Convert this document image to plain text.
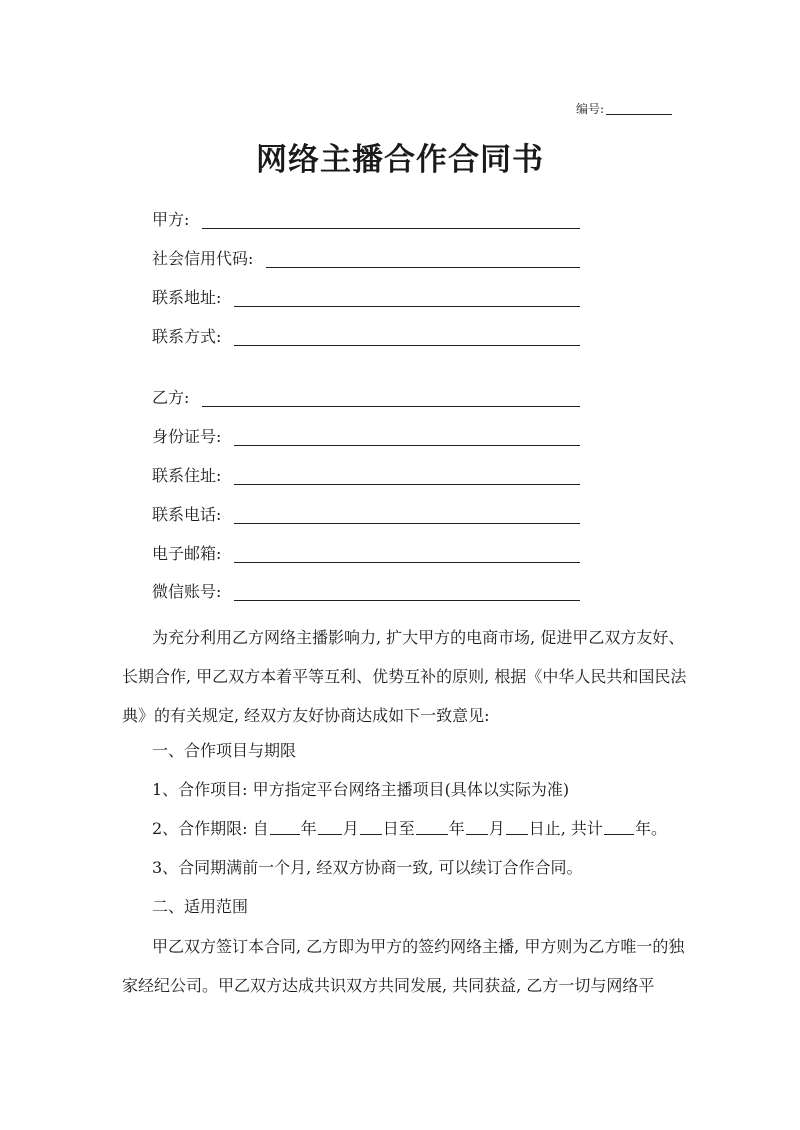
编号:
网络主播合作合同书
甲方:
社会信用代码:
联系地址:
联系方式:
乙方:
身份证号:
联系住址:
联系电话:
电子邮箱:
微信账号:
为充分利用乙方网络主播影响力, 扩大甲方的电商市场, 促进甲乙双方友好、长期合作, 甲乙双方本着平等互利、优势互补的原则, 根据《中华人民共和国民法典》的有关规定, 经双方友好协商达成如下一致意见:
一、合作项目与期限
1、合作项目: 甲方指定平台网络主播项目(具体以实际为准)
2、合作期限: 自 年 月 日至 年 月 日止, 共计 年。
3、合同期满前一个月, 经双方协商一致, 可以续订合作合同。
二、适用范围
甲乙双方签订本合同, 乙方即为甲方的签约网络主播, 甲方则为乙方唯一的独家经纪公司。甲乙双方达成共识双方共同发展, 共同获益, 乙方一切与网络平
